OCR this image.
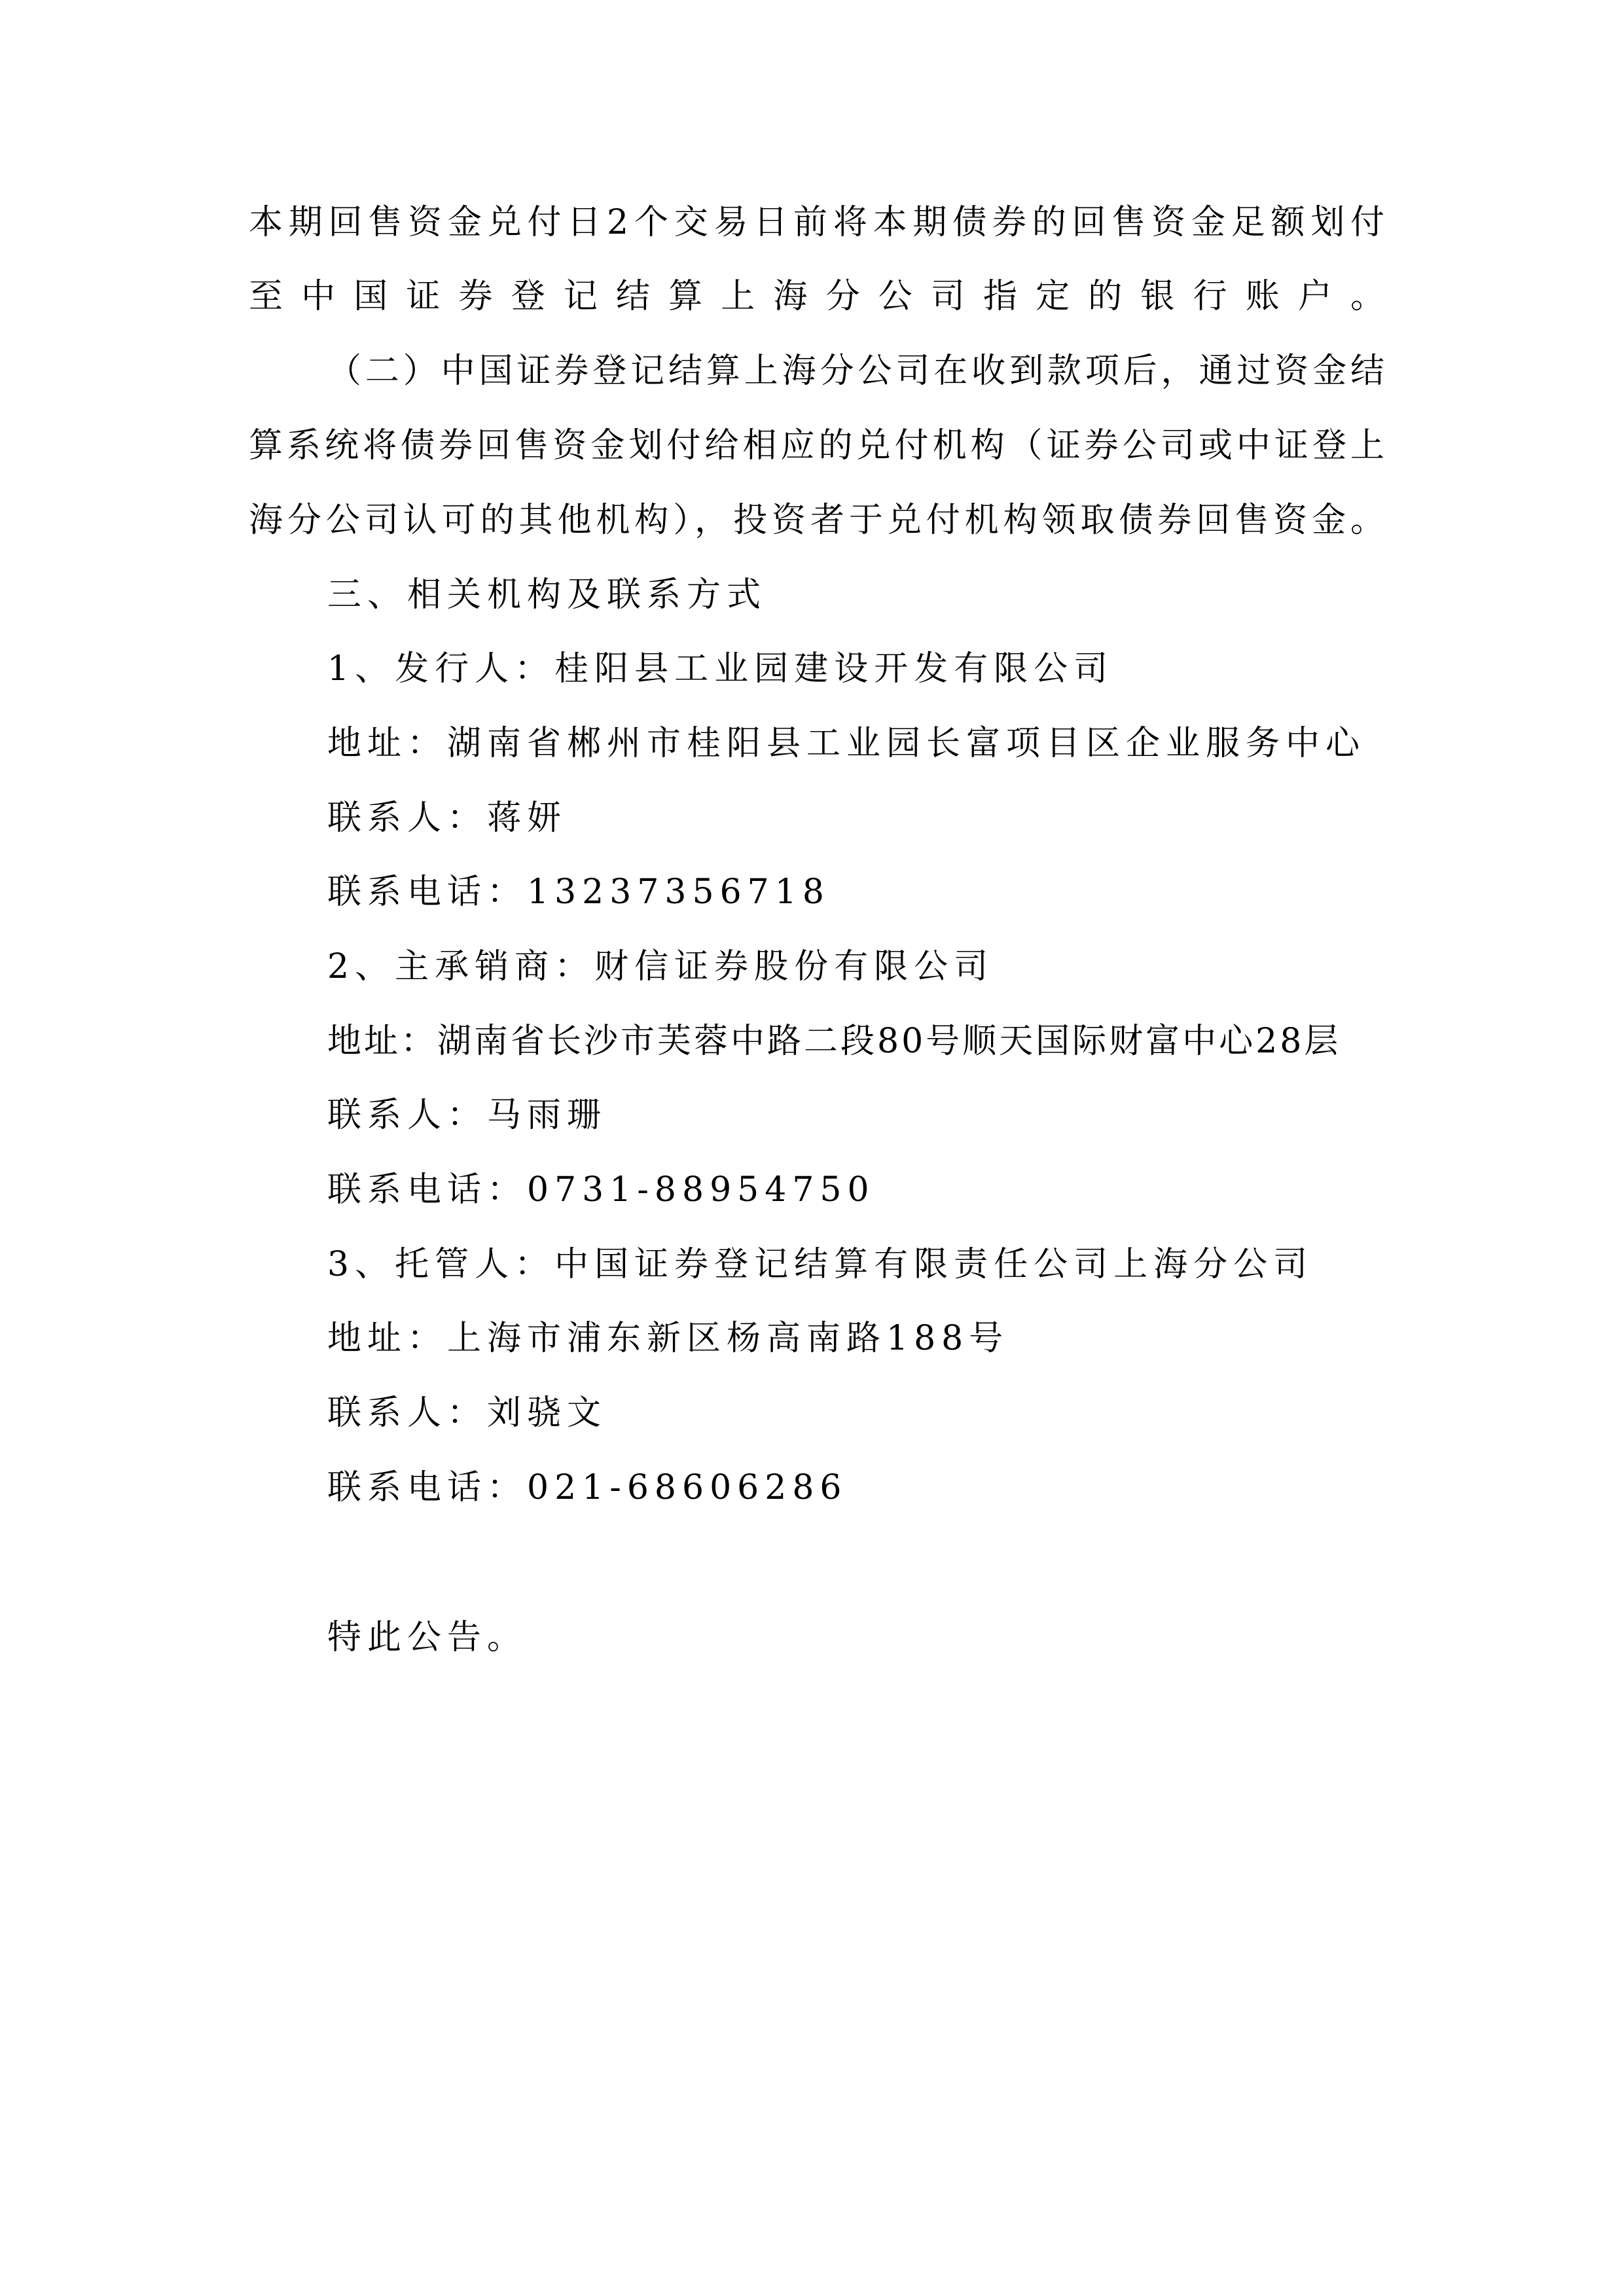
本期回售资金兑付日2个交易日前将本期债券的回售资金足额划付
至中国证券登记结算上海分公司指定的银行账户。
（二）中国证券登记结算上海分公司在收到款项后，通过资金结
算系统将债券回售资金划付给相应的兑付机构（证券公司或中证登上
海分公司认可的其他机构），投资者于兑付机构领取债券回售资金。
三、相关机构及联系方式
1、发行人：桂阳县工业园建设开发有限公司
地址：湖南省郴州市桂阳县工业园长富项目区企业服务中心
联系人：蒋妍
联系电话：13237356718
2、主承销商：财信证券股份有限公司
地址：湖南省长沙市芙蓉中路二段80号顺天国际财富中心28层
联系人：马雨珊
联系电话：0731-88954750
3、托管人：中国证券登记结算有限责任公司上海分公司
地址：上海市浦东新区杨高南路188号
联系人：刘骁文
联系电话：021-68606286
特此公告。
